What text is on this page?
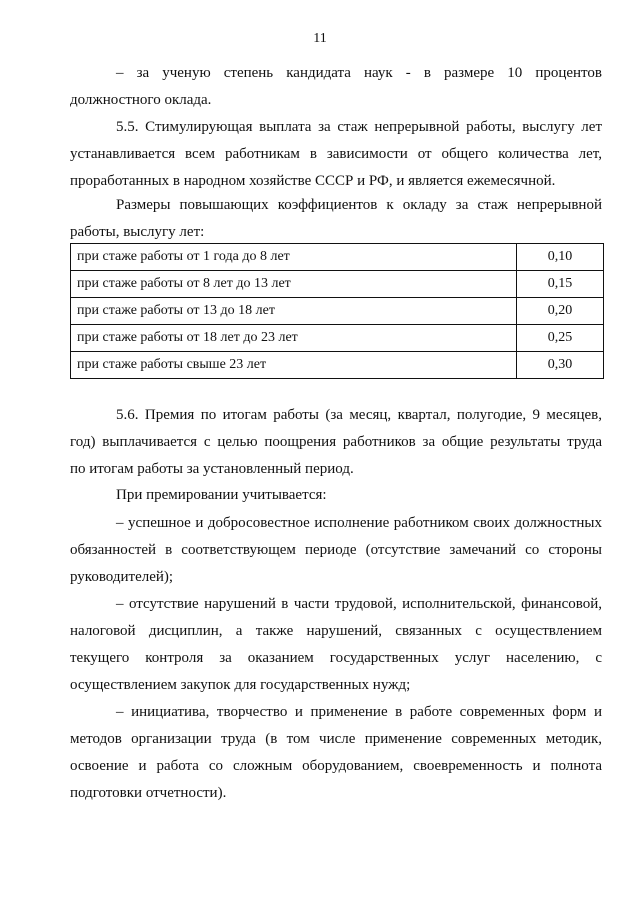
11
– за ученую степень кандидата наук - в размере 10 процентов
должностного оклада.
5.5. Стимулирующая выплата за стаж непрерывной работы, выслугу лет
устанавливается всем работникам в зависимости от общего количества лет,
проработанных в народном хозяйстве СССР и РФ, и является ежемесячной.
Размеры повышающих коэффициентов к окладу за стаж непрерывной
работы, выслугу лет:
при стаже работы от 1 года до 8 лет	0,10
при стаже работы от 8 лет до 13 лет	0,15
при стаже работы от 13 до 18 лет	0,20
при стаже работы от 18 лет до 23 лет	0,25
при стаже работы свыше 23 лет	0,30
5.6. Премия по итогам работы (за месяц, квартал, полугодие, 9 месяцев,
год) выплачивается с целью поощрения работников за общие результаты труда
по итогам работы за установленный период.
При премировании учитывается:
– успешное и добросовестное исполнение работником своих должностных
обязанностей в соответствующем периоде (отсутствие замечаний со стороны
руководителей);
– отсутствие нарушений в части трудовой, исполнительской, финансовой,
налоговой дисциплин, а также нарушений, связанных с осуществлением
текущего контроля за оказанием государственных услуг населению, с
осуществлением закупок для государственных нужд;
– инициатива, творчество и применение в работе современных форм и
методов организации труда (в том числе применение современных методик,
освоение и работа со сложным оборудованием, своевременность и полнота
подготовки отчетности).
